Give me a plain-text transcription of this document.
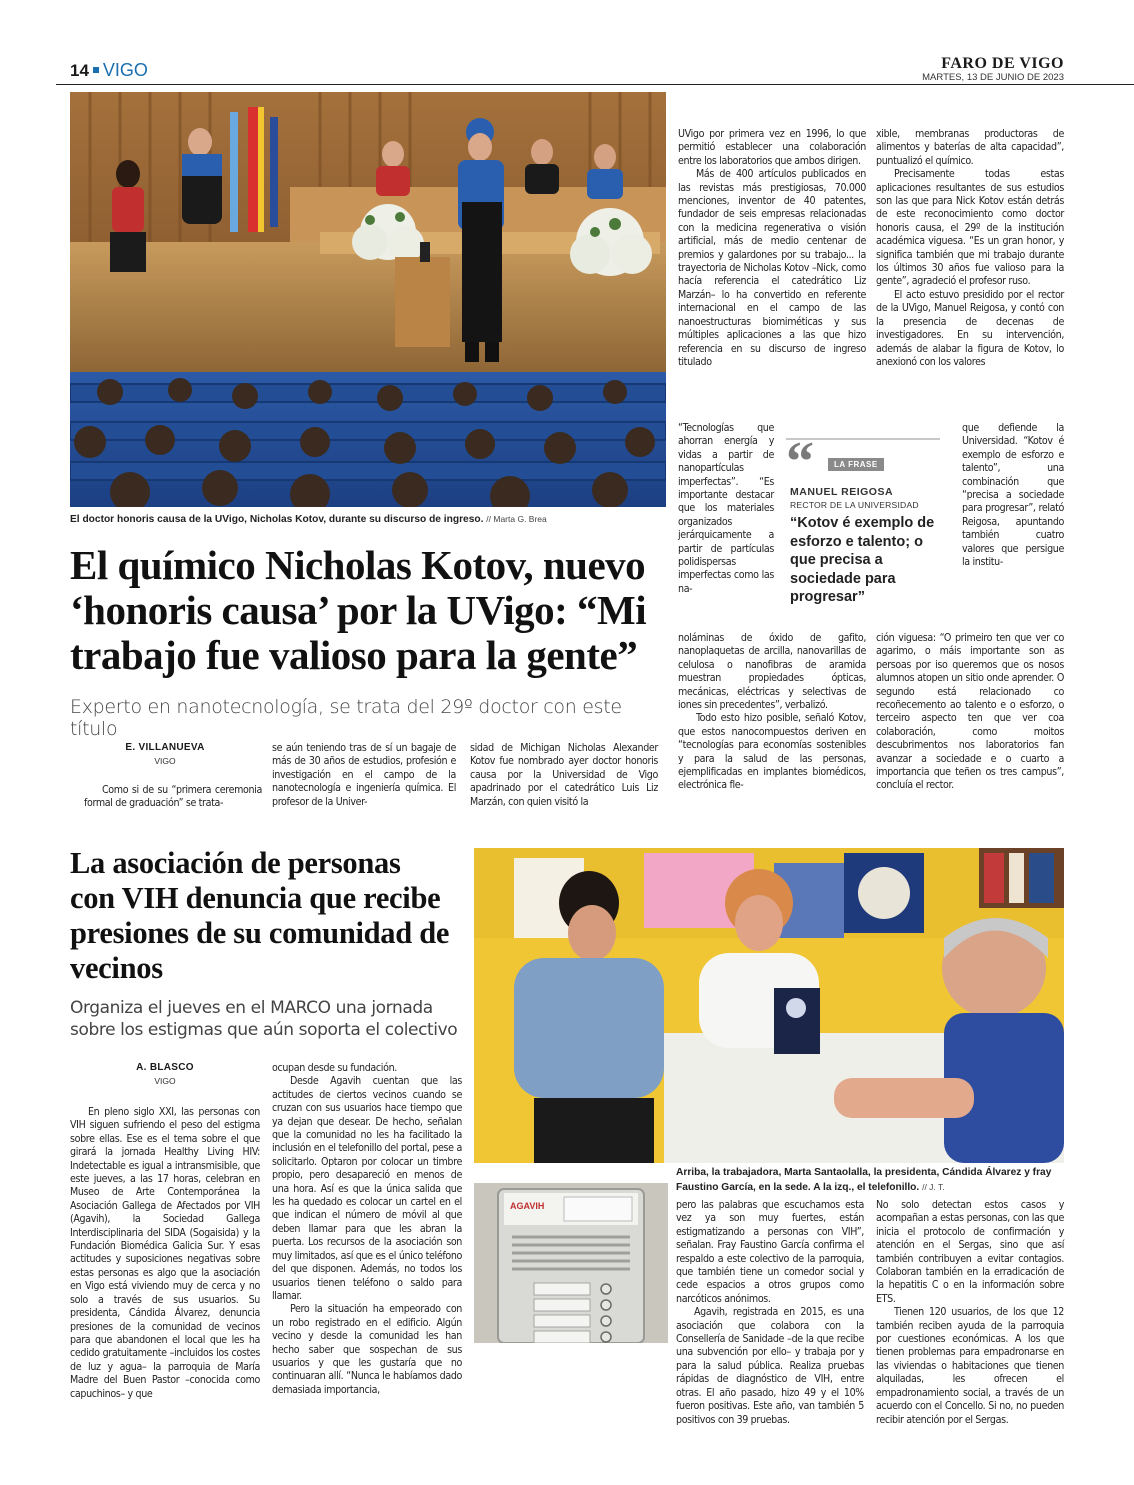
14 VIGO	FARO DE VIGO
MARTES, 13 DE JUNIO DE 2023
El doctor honoris causa de la UVigo, Nicholas Kotov, durante su discurso de ingreso. // Marta G. Brea
El químico Nicholas Kotov, nuevo ‘honoris causa’ por la UVigo: “Mi trabajo fue valioso para la gente”
Experto en nanotecnología, se trata del 29º doctor con este título
E. VILLANUEVA
VIGO

Como si de su “primera ceremonia formal de graduación” se trata-

se aún teniendo tras de sí un bagaje de más de 30 años de estudios, profesión e investigación en el campo de la nanotecnología e ingeniería química. El profesor de la Univer-

sidad de Michigan Nicholas Alexander Kotov fue nombrado ayer doctor honoris causa por la Universidad de Vigo apadrinado por el catedrático Luis Liz Marzán, con quien visitó la

UVigo por primera vez en 1996, lo que permitió establecer una colaboración entre los laboratorios que ambos dirigen.

Más de 400 artículos publicados en las revistas más prestigiosas, 70.000 menciones, inventor de 40 patentes, fundador de seis empresas relacionadas con la medicina regenerativa o visión artificial, más de medio centenar de premios y galardones por su trabajo... la trayectoria de Nicholas Kotov –Nick, como hacía referencia el catedrático Liz Marzán– lo ha convertido en referente internacional en el campo de las nanoestructuras biomiméticas y sus múltiples aplicaciones a las que hizo referencia en su discurso de ingreso titulado

“Tecnologías que ahorran energía y vidas a partir de nanopartículas imperfectas”. “Es importante destacar que los materiales organizados jerárquicamente a partir de partículas polidispersas imperfectas como las na-

noláminas de óxido de gafito, nanoplaquetas de arcilla, nanovarillas de celulosa o nanofibras de aramida muestran propiedades ópticas, mecánicas, eléctricas y selectivas de iones sin precedentes”, verbalizó.

Todo esto hizo posible, señaló Kotov, que estos nanocompuestos deriven en “tecnologías para economías sostenibles y para la salud de las personas, ejemplificadas en implantes biomédicos, electrónica fle-

xible, membranas productoras de alimentos y baterías de alta capacidad”, puntualizó el químico.

Precisamente todas estas aplicaciones resultantes de sus estudios son las que para Nick Kotov están detrás de este reconocimiento como doctor honoris causa, el 29º de la institución académica viguesa. “Es un gran honor, y significa también que mi trabajo durante los últimos 30 años fue valioso para la gente”, agradeció el profesor ruso.

El acto estuvo presidido por el rector de la UVigo, Manuel Reigosa, y contó con la presencia de decenas de investigadores. En su intervención, además de alabar la figura de Kotov, lo anexionó con los valores

que defiende la Universidad. “Kotov é exemplo de esforzo e talento”, una combinación que “precisa a sociedade para progresar”, relató Reigosa, apuntando también cuatro valores que persigue la institu-

ción viguesa: “O primeiro ten que ver co agarimo, o máis importante son as persoas por iso queremos que os nosos alumnos atopen un sitio onde aprender. O segundo está relacionado co recoñecemento ao talento e o esforzo, o terceiro aspecto ten que ver coa colaboración, como moitos descubrimentos nos laboratorios fan avanzar a sociedade e o cuarto a importancia que teñen os tres campus”, concluía el rector.

“	LA FRASE
MANUEL REIGOSA
RECTOR DE LA UNIVERSIDAD
“Kotov é exemplo de esforzo e talento; o que precisa a sociedade para progresar”
La asociación de personas con VIH denuncia que recibe presiones de su comunidad de vecinos
Organiza el jueves en el MARCO una jornada sobre los estigmas que aún soporta el colectivo
A. BLASCO
VIGO

En pleno siglo XXI, las personas con VIH siguen sufriendo el peso del estigma sobre ellas. Ese es el tema sobre el que girará la jornada Healthy Living HIV: Indetectable es igual a intransmisible, que este jueves, a las 17 horas, celebran en Museo de Arte Contemporánea la Asociación Gallega de Afectados por VIH (Agavih), la Sociedad Gallega Interdisciplinaria del SIDA (Sogaisida) y la Fundación Biomédica Galicia Sur. Y esas actitudes y suposiciones negativas sobre estas personas es algo que la asociación en Vigo está viviendo muy de cerca y no solo a través de sus usuarios. Su presidenta, Cándida Álvarez, denuncia presiones de la comunidad de vecinos para que abandonen el local que les ha cedido gratuitamente –incluidos los costes de luz y agua– la parroquia de María Madre del Buen Pastor –conocida como capuchinos– y que

ocupan desde su fundación.

Desde Agavih cuentan que las actitudes de ciertos vecinos cuando se cruzan con sus usuarios hace tiempo que ya dejan que desear. De hecho, señalan que la comunidad no les ha facilitado la inclusión en el telefonillo del portal, pese a solicitarlo. Optaron por colocar un timbre propio, pero desapareció en menos de una hora. Así es que la única salida que les ha quedado es colocar un cartel en el que indican el número de móvil al que deben llamar para que les abran la puerta. Los recursos de la asociación son muy limitados, así que es el único teléfono del que disponen. Además, no todos los usuarios tienen teléfono o saldo para llamar.

Pero la situación ha empeorado con un robo registrado en el edificio. Algún vecino y desde la comunidad les han hecho saber que sospechan de sus usuarios y que les gustaría que no continuaran allí. “Nunca le habíamos dado demasiada importancia,

Arriba, la trabajadora, Marta Santaolalla, la presidenta, Cándida Álvarez y fray Faustino García, en la sede. A la izq., el telefonillo. // J. T.
AGAVIH	pero las palabras que escuchamos esta vez ya son muy fuertes, están estigmatizando a personas con VIH”, señalan. Fray Faustino García confirma el respaldo a este colectivo de la parroquia, que también tiene un comedor social y cede espacios a otros grupos como narcóticos anónimos.

Agavih, registrada en 2015, es una asociación que colabora con la Consellería de Sanidade –de la que recibe una subvención por ello– y trabaja por y para la salud pública. Realiza pruebas rápidas de diagnóstico de VIH, entre otras. El año pasado, hizo 49 y el 10% fueron positivas. Este año, van también 5 positivos con 39 pruebas.

No solo detectan estos casos y acompañan a estas personas, con las que inicia el protocolo de confirmación y atención en el Sergas, sino que así también contribuyen a evitar contagios. Colaboran también en la erradicación de la hepatitis C o en la información sobre ETS.

Tienen 120 usuarios, de los que 12 también reciben ayuda de la parroquia por cuestiones económicas. A los que tienen problemas para empadronarse en las viviendas o habitaciones que tienen alquiladas, les ofrecen el empadronamiento social, a través de un acuerdo con el Concello. Si no, no pueden recibir atención por el Sergas.
